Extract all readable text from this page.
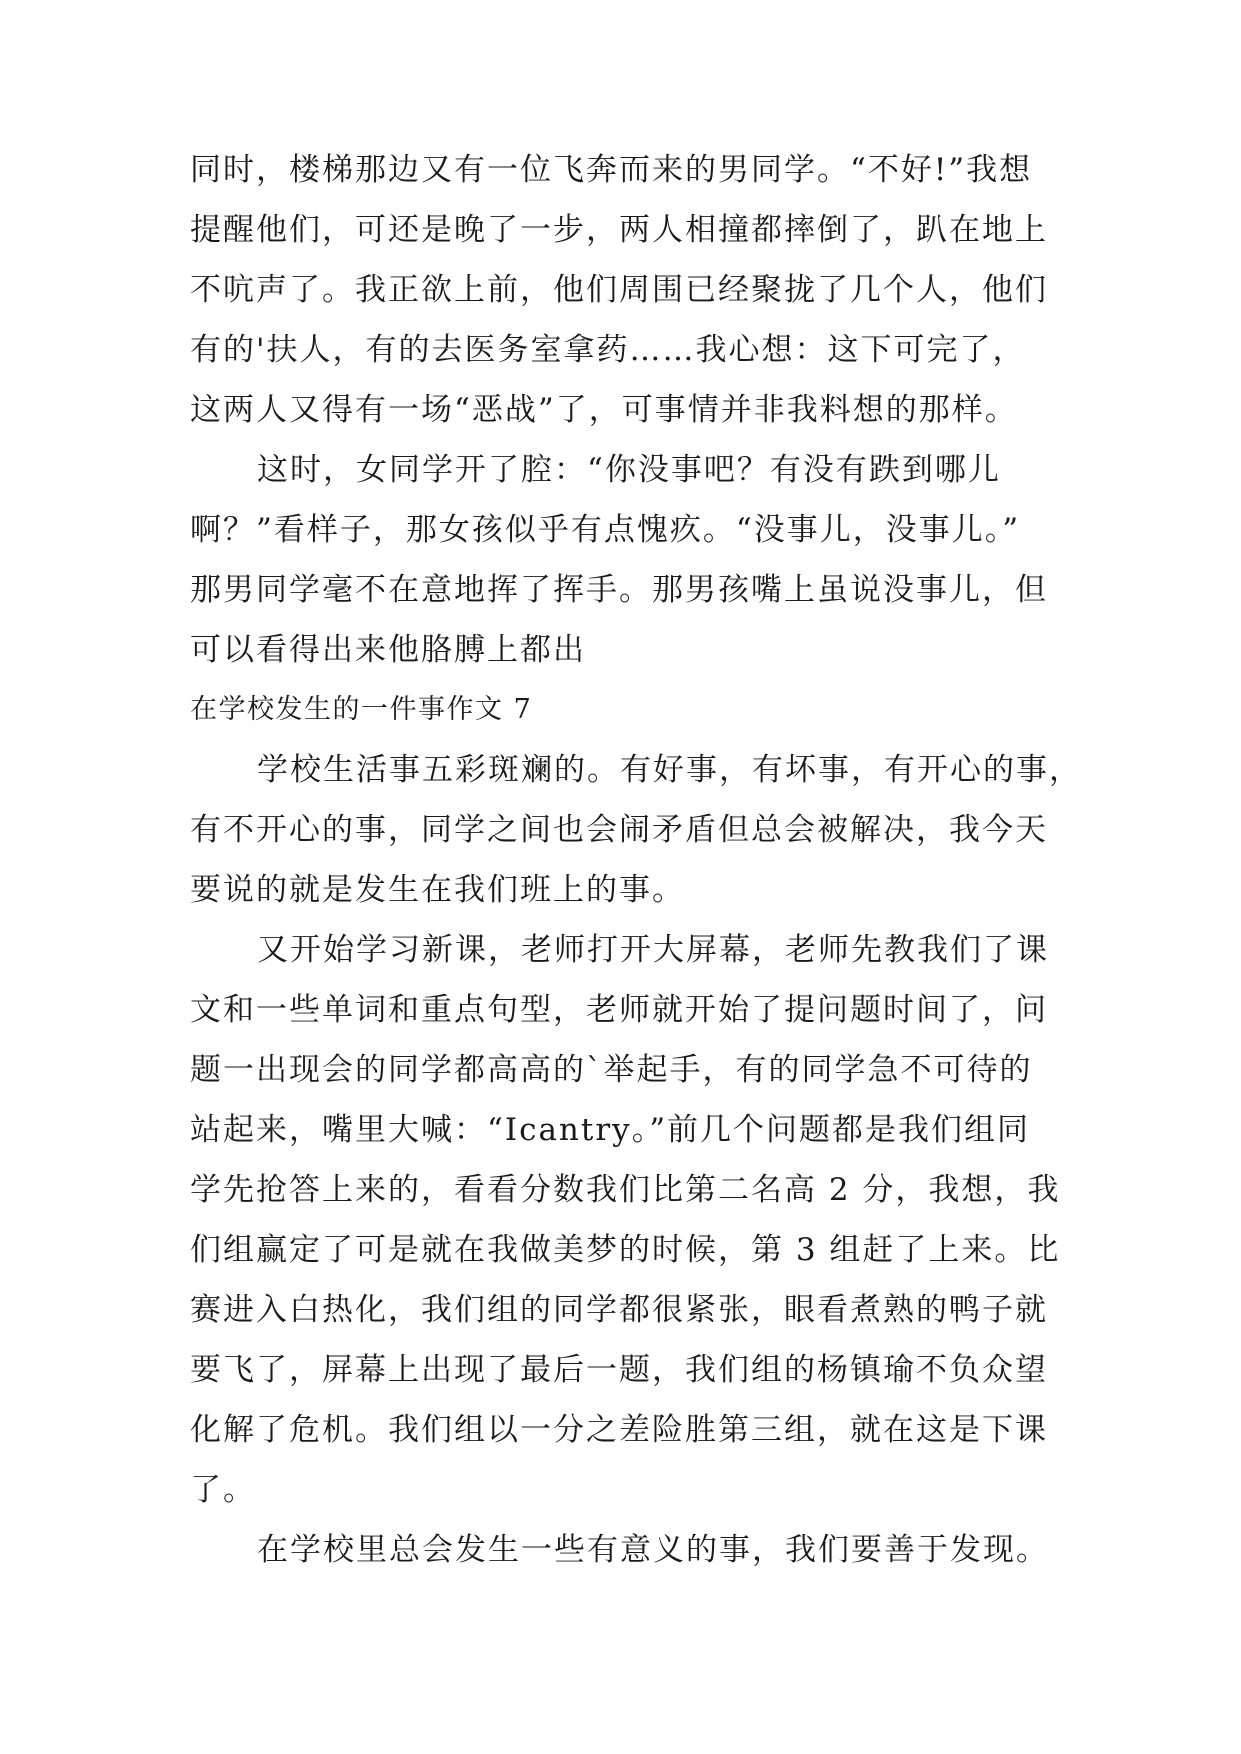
同时，楼梯那边又有一位飞奔而来的男同学。“不好!”我想
提醒他们，可还是晚了一步，两人相撞都摔倒了，趴在地上
不吭声了。我正欲上前，他们周围已经聚拢了几个人，他们
有的'扶人，有的去医务室拿药……我心想：这下可完了，
这两人又得有一场“恶战”了，可事情并非我料想的那样。
这时，女同学开了腔：“你没事吧？有没有跌到哪儿
啊？”看样子，那女孩似乎有点愧疚。“没事儿，没事儿。”
那男同学毫不在意地挥了挥手。那男孩嘴上虽说没事儿，但
可以看得出来他胳膊上都出
在学校发生的一件事作文 7
学校生活事五彩斑斓的。有好事，有坏事，有开心的事，
有不开心的事，同学之间也会闹矛盾但总会被解决，我今天
要说的就是发生在我们班上的事。
又开始学习新课，老师打开大屏幕，老师先教我们了课
文和一些单词和重点句型，老师就开始了提问题时间了，问
题一出现会的同学都高高的`举起手，有的同学急不可待的
站起来，嘴里大喊：“Icantry。”前几个问题都是我们组同
学先抢答上来的，看看分数我们比第二名高 2 分，我想，我
们组赢定了可是就在我做美梦的时候，第 3 组赶了上来。比
赛进入白热化，我们组的同学都很紧张，眼看煮熟的鸭子就
要飞了，屏幕上出现了最后一题，我们组的杨镇瑜不负众望
化解了危机。我们组以一分之差险胜第三组，就在这是下课
了。
在学校里总会发生一些有意义的事，我们要善于发现。
